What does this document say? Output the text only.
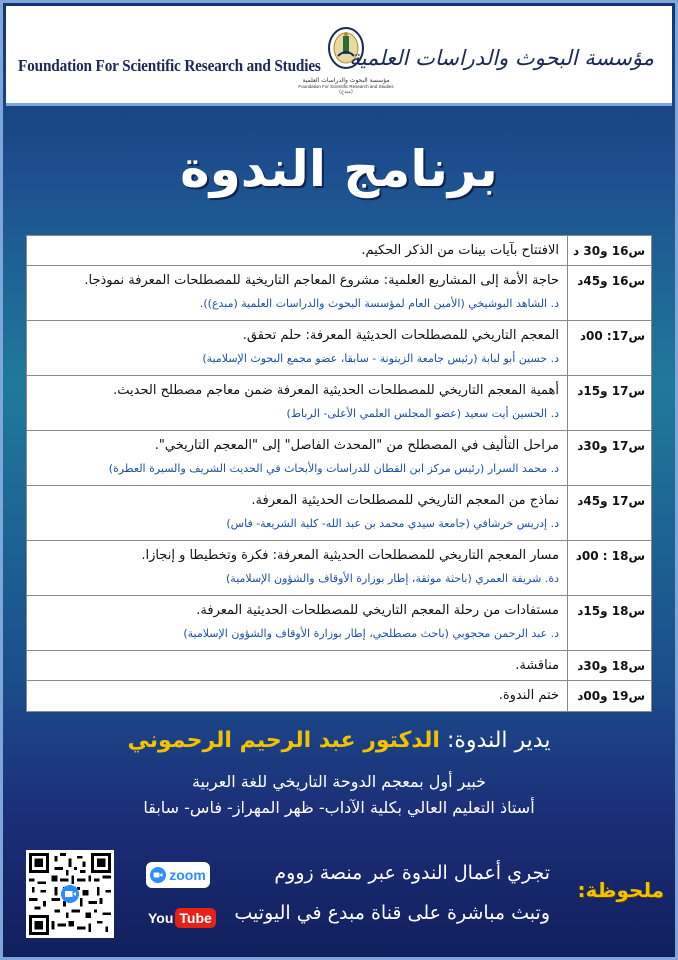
Foundation For Scientific Research and Studies
مؤسسة البحوث والدراسات العلمية
Foundation For Scientific Research and Studies
(مبدع)
مؤسسة البحوث والدراسات العلمية
برنامج الندوة
س16 و30 د
الافتتاح بآيات بينات من الذكر الحكيم.
س16 و45د
حاجة الأمة إلى المشاريع العلمية: مشروع المعاجم التاريخية للمصطلحات المعرفة نموذجا.
د. الشاهد البوشيخي (الأمين العام لمؤسسة البحوث والدراسات العلمية (مبدع)).
س17: 00د
المعجم التاريخي للمصطلحات الحديثية المعرفة: حلم تحقق.
د. حسين أبو لبابة (رئيس جامعة الزيتونة - سابقا، عضو مجمع البحوث الإسلامية)
س17 و15د
أهمية المعجم التاريخي للمصطلحات الحديثية المعرفة ضمن معاجم مصطلح الحديث.
د. الحسين أيت سعيد (عضو المجلس العلمي الأعلى- الرباط)
س17 و30د
مراحل التأليف في المصطلح من "المحدث الفاصل" إلى "المعجم التاريخي".
د. محمد السرار (رئيس مركز ابن القطان للدراسات والأبحاث في الحديث الشريف والسيرة العطرة)
س17 و45د
نماذج من المعجم التاريخي للمصطلحات الحديثية المعرفة.
د. إدريس خرشافي (جامعة سيدي محمد بن عبد الله- كلية الشريعة- فاس)
س18 : 00د
مسار المعجم التاريخي للمصطلحات الحديثية المعرفة: فكرة وتخطيطا و إنجازا.
دة. شريفة العمري (باحثة موثقة، إطار بوزارة الأوقاف والشؤون الإسلامية)
س18 و15د
مستفادات من رحلة المعجم التاريخي للمصطلحات الحديثية المعرفة.
د. عبد الرحمن محجوبي (باحث مصطلحي، إطار بوزارة الأوقاف والشؤون الإسلامية)
س18 و30د
مناقشة.
س19 و00د
ختم الندوة.
يدير الندوة: الدكتور عبد الرحيم الرحموني
خبير أول بمعجم الدوحة التاريخي للغة العربية
أستاذ التعليم العالي بكلية الآداب- ظهر المهراز- فاس- سابقا
zoom
You Tube
تجري أعمال الندوة عبر منصة زووم
وتبث مباشرة على قناة مبدع في اليوتيب
ملحوظة:
